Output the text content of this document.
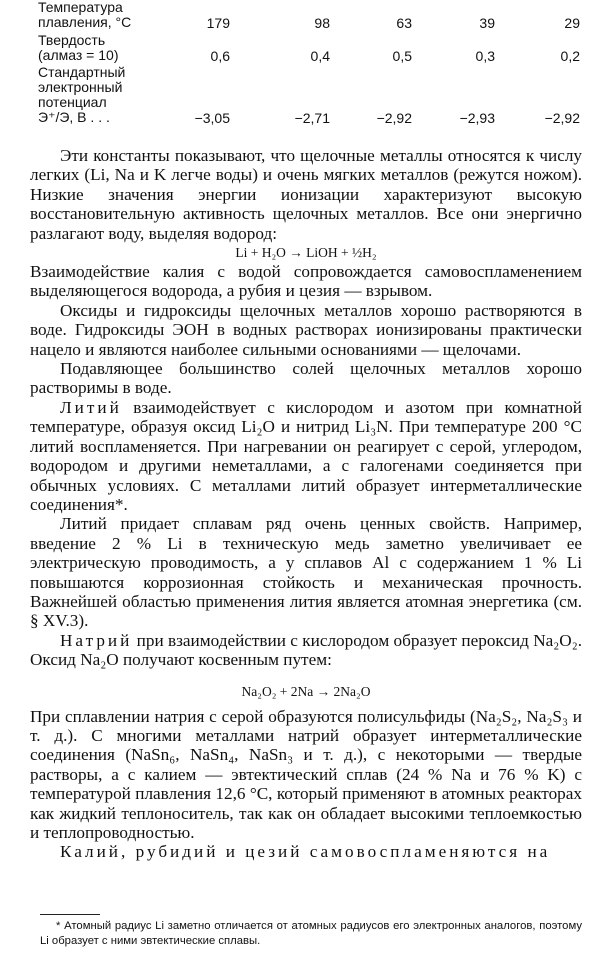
Температура
плавления, °C	179	98	63	39	29
Твердость
(алмаз = 10)	0,6	0,4	0,5	0,3	0,2
Стандартный
электронный
потенциал
Э⁺/Э, В . . .	−3,05	−2,71	−2,92	−2,93	−2,92

Эти константы показывают, что щелочные металлы относятся к числу легких (Li, Na и K легче воды) и очень мягких металлов (режутся ножом). Низкие значения энергии ионизации характеризуют высокую восстановительную активность щелочных металлов. Все они энергично разлагают воду, выделяя водород:

Li + H₂O → LiOH + ½H₂

Взаимодействие калия с водой сопровождается самовоспламенением выделяющегося водорода, а рубия и цезия — взрывом.

Оксиды и гидроксиды щелочных металлов хорошо растворяются в воде. Гидроксиды ЭОН в водных растворах ионизированы практически нацело и являются наиболее сильными основаниями — щелочами.

Подавляющее большинство солей щелочных металлов хорошо растворимы в воде.

Литий взаимодействует с кислородом и азотом при комнатной температуре, образуя оксид Li₂O и нитрид Li₃N. При температуре 200 °C литий воспламеняется. При нагревании он реагирует с серой, углеродом, водородом и другими неметаллами, а с галогенами соединяется при обычных условиях. С металлами литий образует интерметаллические соединения*.

Литий придает сплавам ряд очень ценных свойств. Например, введение 2 % Li в техническую медь заметно увеличивает ее электрическую проводимость, а у сплавов Al с содержанием 1 % Li повышаются коррозионная стойкость и механическая прочность. Важнейшей областью применения лития является атомная энергетика (см. § XV.3).

Натрий при взаимодействии с кислородом образует пероксид Na₂O₂. Оксид Na₂O получают косвенным путем:

Na₂O₂ + 2Na → 2Na₂O

При сплавлении натрия с серой образуются полисульфиды (Na₂S₂, Na₂S₃ и т. д.). С многими металлами натрий образует интерметаллические соединения (NaSn₆, NaSn₄, NaSn₃ и т. д.), с некоторыми — твердые растворы, а с калием — эвтектический сплав (24 % Na и 76 % K) с температурой плавления 12,6 °C, который применяют в атомных реакторах как жидкий теплоноситель, так как он обладает высокими теплоемкостью и теплопроводностью.

Калий, рубидий и цезий самовоспламеняются на

* Атомный радиус Li заметно отличается от атомных радиусов его электронных аналогов, поэтому Li образует с ними эвтектические сплавы.
